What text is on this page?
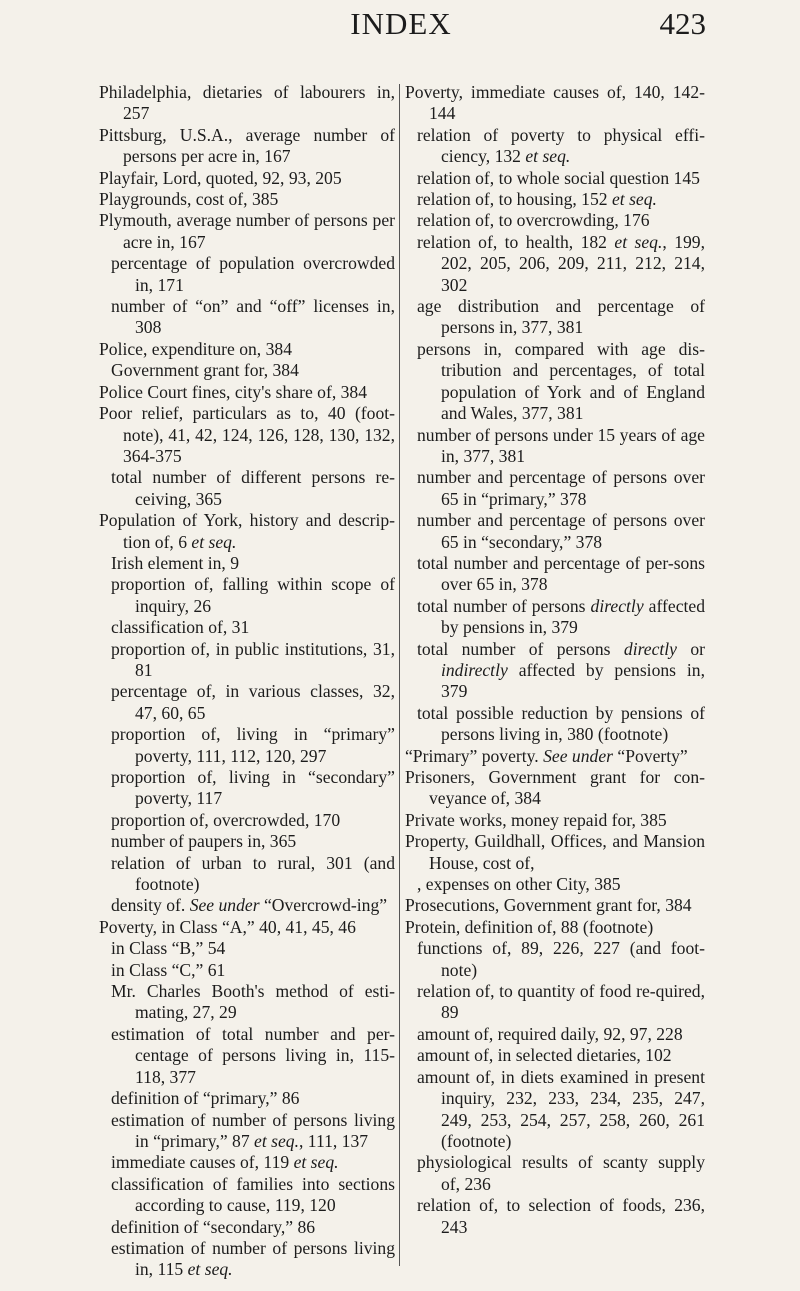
INDEX	423
Philadelphia, dietaries of labourers in, 257
Pittsburg, U.S.A., average number of persons per acre in, 167
Playfair, Lord, quoted, 92, 93, 205
Playgrounds, cost of, 385
Plymouth, average number of persons per acre in, 167
percentage of population overcrowded in, 171
number of “on” and “off” licenses in, 308
Police, expenditure on, 384
Government grant for, 384
Police Court fines, city's share of, 384
Poor relief, particulars as to, 40 (foot-note), 41, 42, 124, 126, 128, 130, 132, 364-375
total number of different persons re-ceiving, 365
Population of York, history and descrip-tion of, 6 et seq.
Irish element in, 9
proportion of, falling within scope of inquiry, 26
classification of, 31
proportion of, in public institutions, 31, 81
percentage of, in various classes, 32, 47, 60, 65
proportion of, living in “primary” poverty, 111, 112, 120, 297
proportion of, living in “secondary” poverty, 117
proportion of, overcrowded, 170
number of paupers in, 365
relation of urban to rural, 301 (and footnote)
density of. See under “Overcrowd-ing”
Poverty, in Class “A,” 40, 41, 45, 46
in Class “B,” 54
in Class “C,” 61
Mr. Charles Booth's method of esti-mating, 27, 29
estimation of total number and per-centage of persons living in, 115-118, 377
definition of “primary,” 86
estimation of number of persons living in “primary,” 87 et seq., 111, 137
immediate causes of, 119 et seq.
classification of families into sections according to cause, 119, 120
definition of “secondary,” 86
estimation of number of persons living in, 115 et seq.
Poverty, immediate causes of, 140, 142-144
relation of poverty to physical effi-ciency, 132 et seq.
relation of, to whole social question 145
relation of, to housing, 152 et seq.
relation of, to overcrowding, 176
relation of, to health, 182 et seq., 199, 202, 205, 206, 209, 211, 212, 214, 302
age distribution and percentage of persons in, 377, 381
persons in, compared with age dis-tribution and percentages, of total population of York and of England and Wales, 377, 381
number of persons under 15 years of age in, 377, 381
number and percentage of persons over 65 in “primary,” 378
number and percentage of persons over 65 in “secondary,” 378
total number and percentage of per-sons over 65 in, 378
total number of persons directly affected by pensions in, 379
total number of persons directly or indirectly affected by pensions in, 379
total possible reduction by pensions of persons living in, 380 (footnote)
“Primary” poverty. See under “Poverty”
Prisoners, Government grant for con-veyance of, 384
Private works, money repaid for, 385
Property, Guildhall, Offices, and Mansion House, cost of,
, expenses on other City, 385
Prosecutions, Government grant for, 384
Protein, definition of, 88 (footnote)
functions of, 89, 226, 227 (and foot-note)
relation of, to quantity of food re-quired, 89
amount of, required daily, 92, 97, 228
amount of, in selected dietaries, 102
amount of, in diets examined in present inquiry, 232, 233, 234, 235, 247, 249, 253, 254, 257, 258, 260, 261 (footnote)
physiological results of scanty supply of, 236
relation of, to selection of foods, 236, 243
